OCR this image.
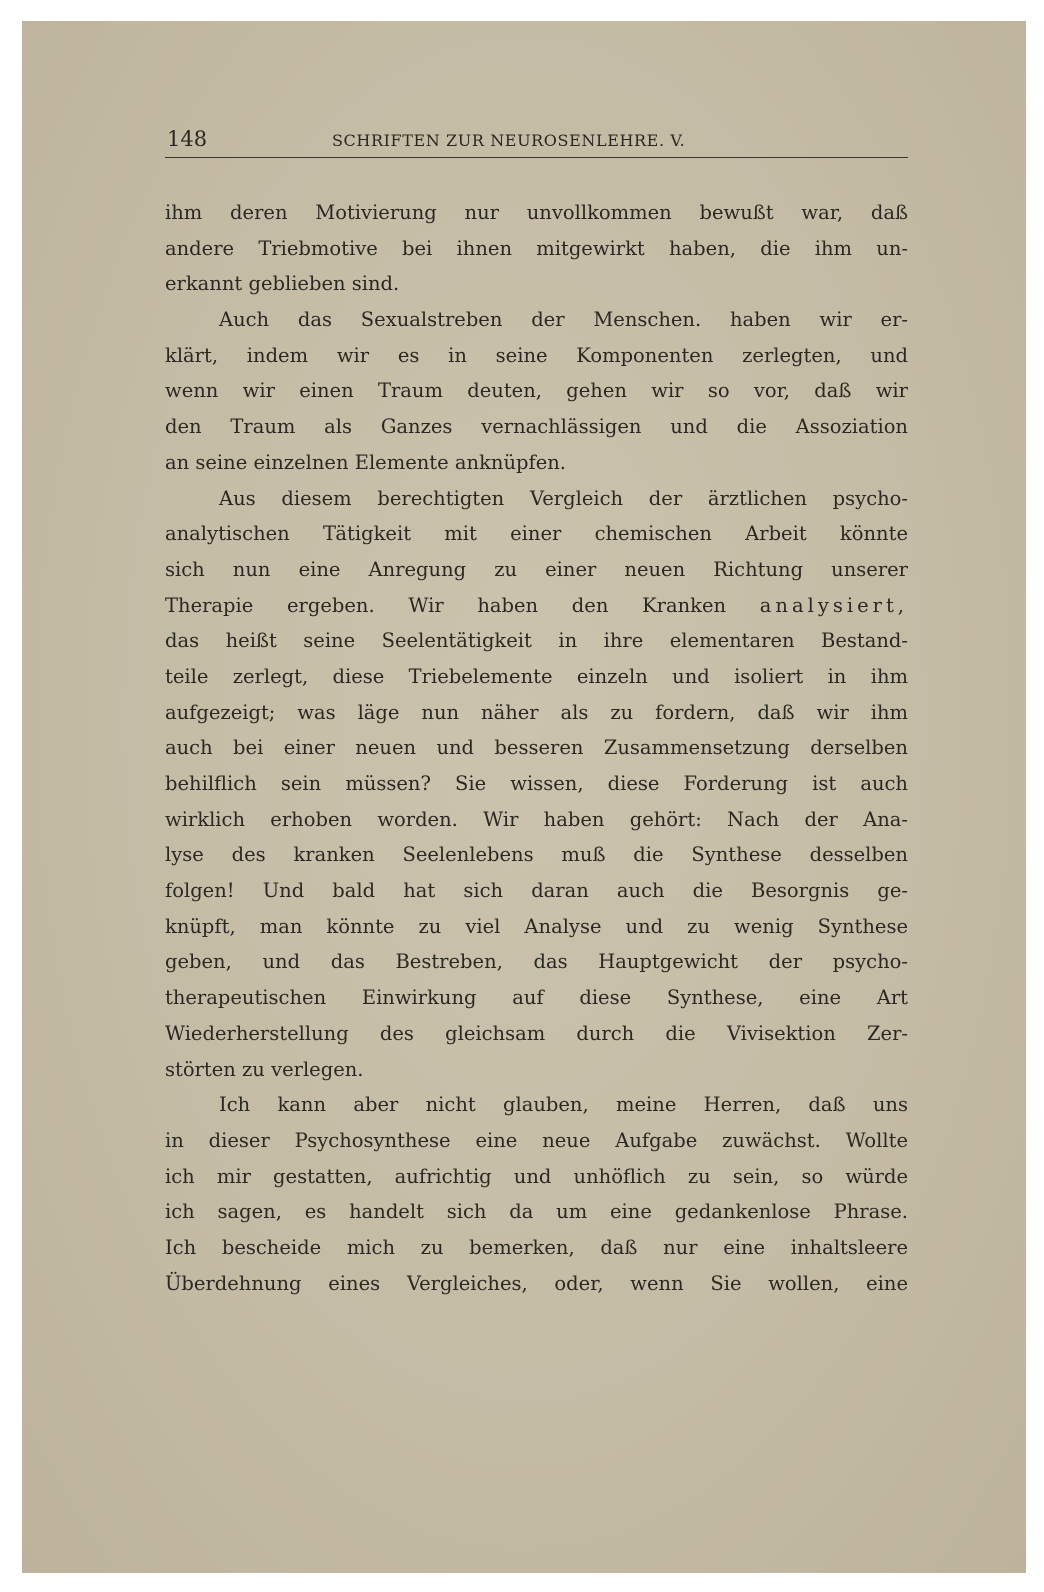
148	SCHRIFTEN ZUR NEUROSENLEHRE. V.
ihm deren Motivierung nur unvollkommen bewußt war, daß
andere Triebmotive bei ihnen mitgewirkt haben, die ihm un-
erkannt geblieben sind.
Auch das Sexualstreben der Menschen. haben wir er-
klärt, indem wir es in seine Komponenten zerlegten, und
wenn wir einen Traum deuten, gehen wir so vor, daß wir
den Traum als Ganzes vernachlässigen und die Assoziation
an seine einzelnen Elemente anknüpfen.
Aus diesem berechtigten Vergleich der ärztlichen psycho-
analytischen Tätigkeit mit einer chemischen Arbeit könnte
sich nun eine Anregung zu einer neuen Richtung unserer
Therapie ergeben. Wir haben den Kranken analysiert,
das heißt seine Seelentätigkeit in ihre elementaren Bestand-
teile zerlegt, diese Triebelemente einzeln und isoliert in ihm
aufgezeigt; was läge nun näher als zu fordern, daß wir ihm
auch bei einer neuen und besseren Zusammensetzung derselben
behilflich sein müssen? Sie wissen, diese Forderung ist auch
wirklich erhoben worden. Wir haben gehört: Nach der Ana-
lyse des kranken Seelenlebens muß die Synthese desselben
folgen! Und bald hat sich daran auch die Besorgnis ge-
knüpft, man könnte zu viel Analyse und zu wenig Synthese
geben, und das Bestreben, das Hauptgewicht der psycho-
therapeutischen Einwirkung auf diese Synthese, eine Art
Wiederherstellung des gleichsam durch die Vivisektion Zer-
störten zu verlegen.
Ich kann aber nicht glauben, meine Herren, daß uns
in dieser Psychosynthese eine neue Aufgabe zuwächst. Wollte
ich mir gestatten, aufrichtig und unhöflich zu sein, so würde
ich sagen, es handelt sich da um eine gedankenlose Phrase.
Ich bescheide mich zu bemerken, daß nur eine inhaltsleere
Überdehnung eines Vergleiches, oder, wenn Sie wollen, eine
